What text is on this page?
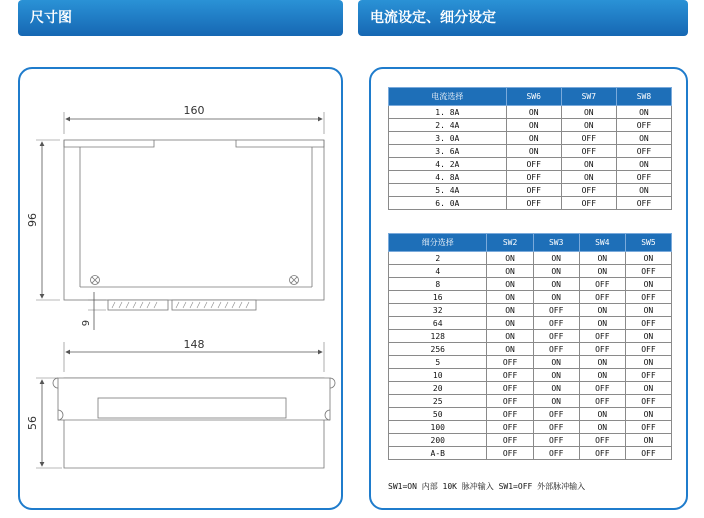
尺寸图	电流设定、细分设定
160
96
9
148
56
电流选择	SW6	SW7	SW8
1. 8A	ON	ON	ON
2. 4A	ON	ON	OFF
3. 0A	ON	OFF	ON
3. 6A	ON	OFF	OFF
4. 2A	OFF	ON	ON
4. 8A	OFF	ON	OFF
5. 4A	OFF	OFF	ON
6. 0A	OFF	OFF	OFF
细分选择	SW2	SW3	SW4	SW5
2	ON	ON	ON	ON
4	ON	ON	ON	OFF
8	ON	ON	OFF	ON
16	ON	ON	OFF	OFF
32	ON	OFF	ON	ON
64	ON	OFF	ON	OFF
128	ON	OFF	OFF	ON
256	ON	OFF	OFF	OFF
5	OFF	ON	ON	ON
10	OFF	ON	ON	OFF
20	OFF	ON	OFF	ON
25	OFF	ON	OFF	OFF
50	OFF	OFF	ON	ON
100	OFF	OFF	ON	OFF
200	OFF	OFF	OFF	ON
A-B	OFF	OFF	OFF	OFF
SW1=ON 内部 10K 脉冲输入 SW1=OFF 外部脉冲输入
